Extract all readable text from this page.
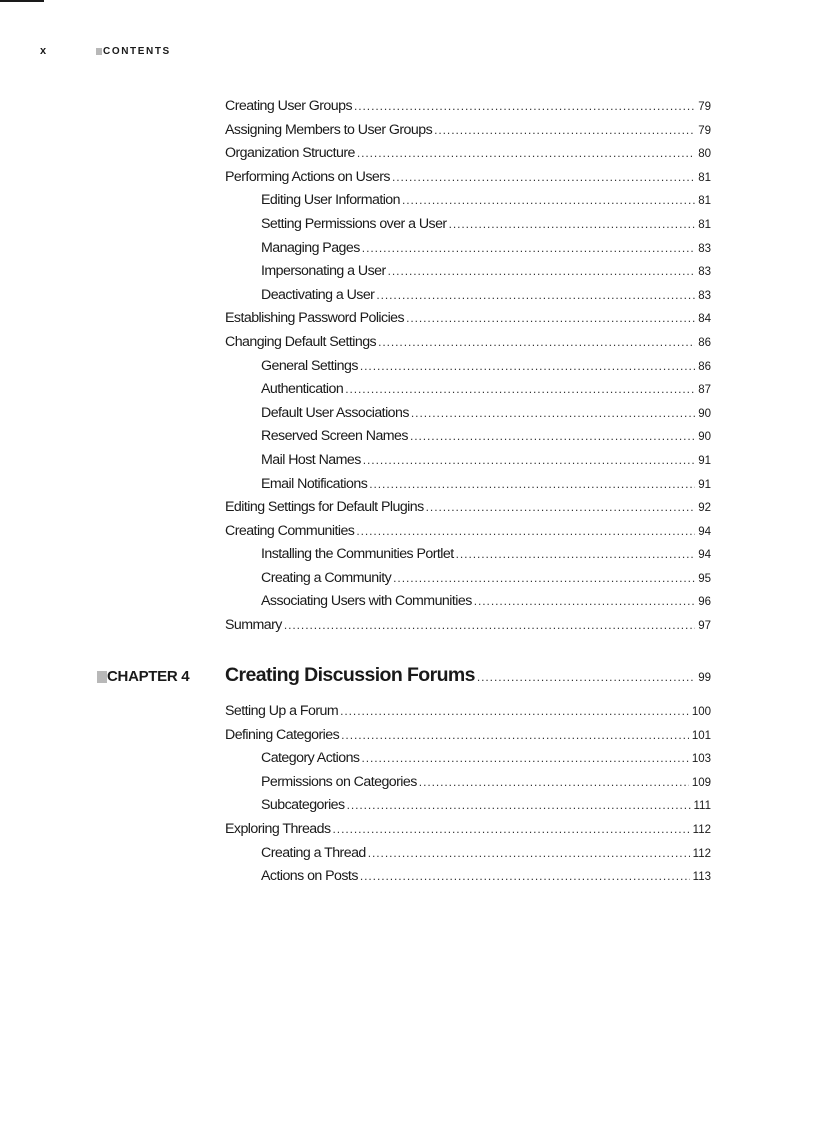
x	CONTENTS
Creating User Groups . . .	79
Assigning Members to User Groups . . .	79
Organization Structure . . .	80
Performing Actions on Users . . .	81
Editing User Information . . .	81
Setting Permissions over a User . . .	81
Managing Pages . . .	83
Impersonating a User . . .	83
Deactivating a User . . .	83
Establishing Password Policies . . .	84
Changing Default Settings . . .	86
General Settings . . .	86
Authentication . . .	87
Default User Associations . . .	90
Reserved Screen Names . . .	90
Mail Host Names . . .	91
Email Notifications . . .	91
Editing Settings for Default Plugins . . .	92
Creating Communities . . .	94
Installing the Communities Portlet . . .	94
Creating a Community . . .	95
Associating Users with Communities . . .	96
Summary . . .	97
CHAPTER 4 Creating Discussion Forums . . .	99
Setting Up a Forum . . .	100
Defining Categories . . .	101
Category Actions . . .	103
Permissions on Categories . . .	109
Subcategories . . .	111
Exploring Threads . . .	112
Creating a Thread . . .	112
Actions on Posts . . .	113
